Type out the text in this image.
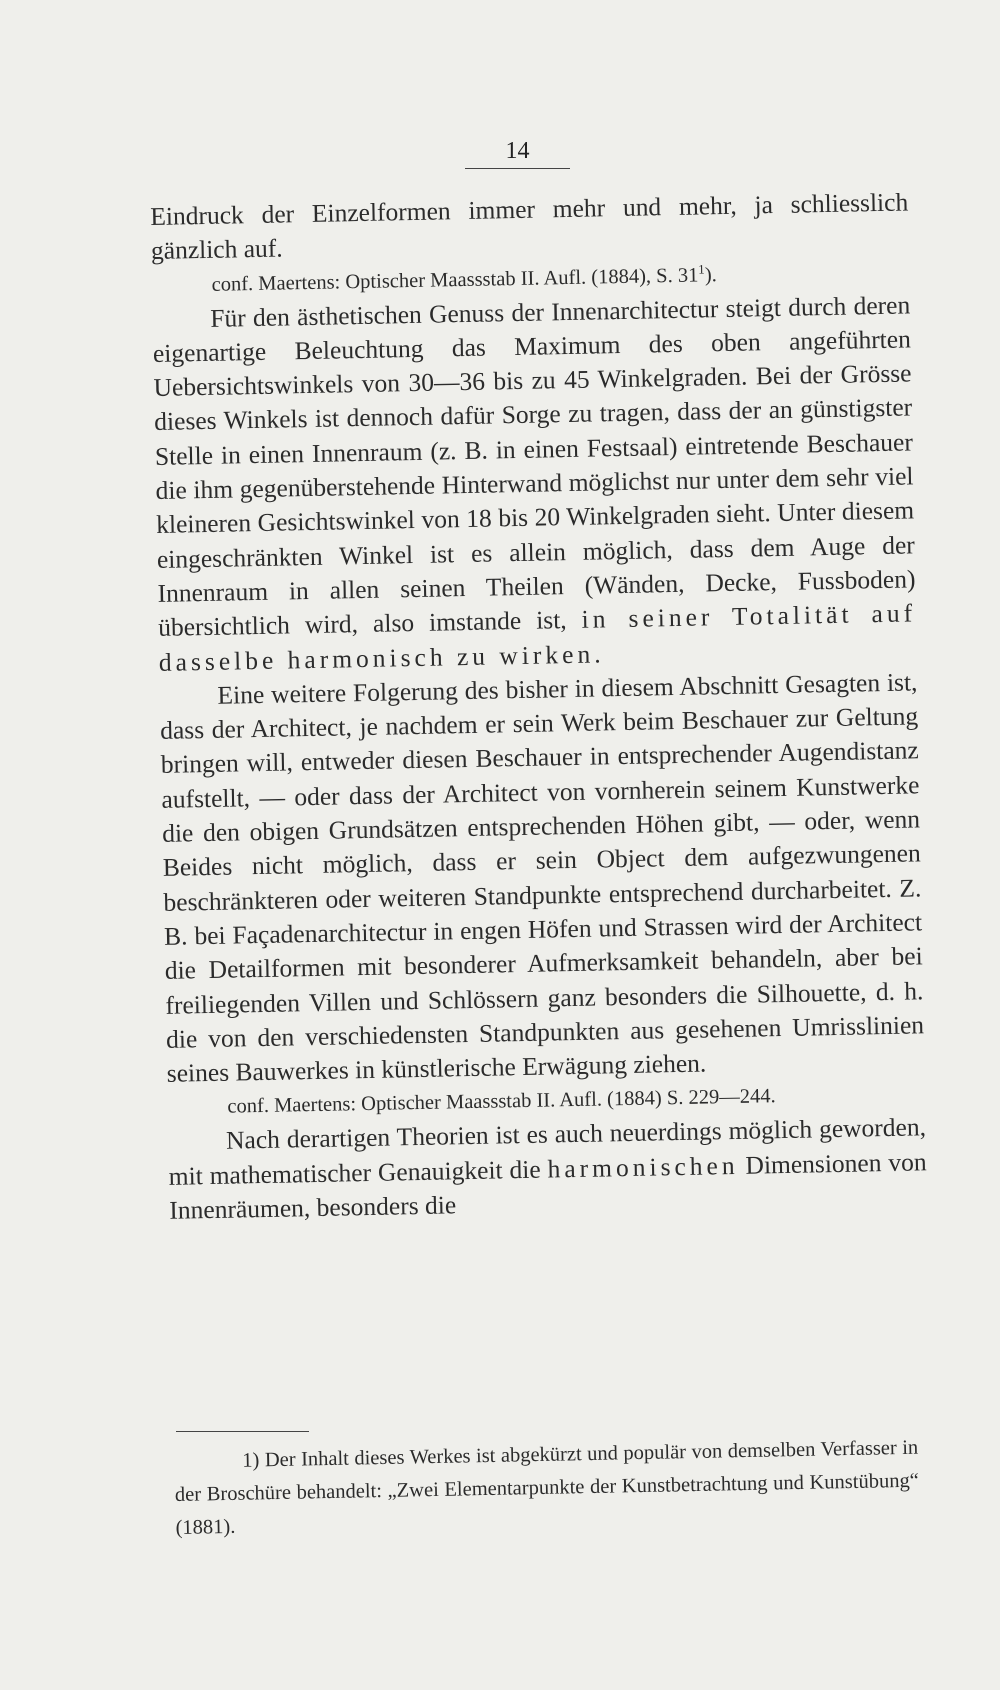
14

Eindruck der Einzelformen immer mehr und mehr, ja schliesslich gänzlich auf.

conf. Maertens: Optischer Maassstab II. Aufl. (1884), S. $31^1$).

Für den ästhetischen Genuss der Innenarchitectur steigt durch deren eigenartige Beleuchtung das Maximum des oben angeführten Uebersichtswinkels von 30—36 bis zu 45 Winkelgraden. Bei der Grösse dieses Winkels ist dennoch dafür Sorge zu tragen, dass der an günstigster Stelle in einen Innenraum (z. B. in einen Festsaal) eintretende Beschauer die ihm gegenüberstehende Hinterwand möglichst nur unter dem sehr viel kleineren Gesichtswinkel von 18 bis 20 Winkelgraden sieht. Unter diesem eingeschränkten Winkel ist es allein möglich, dass dem Auge der Innenraum in allen seinen Theilen (Wänden, Decke, Fussboden) übersichtlich wird, also imstande ist, in seiner Totalität auf dasselbe harmonisch zu wirken.

Eine weitere Folgerung des bisher in diesem Abschnitt Gesagten ist, dass der Architect, je nachdem er sein Werk beim Beschauer zur Geltung bringen will, entweder diesen Beschauer in entsprechender Augendistanz aufstellt, — oder dass der Architect von vornherein seinem Kunstwerke die den obigen Grundsätzen entsprechenden Höhen gibt, — oder, wenn Beides nicht möglich, dass er sein Object dem aufgezwungenen beschränkteren oder weiteren Standpunkte entsprechend durcharbeitet. Z. B. bei Façadenarchitectur in engen Höfen und Strassen wird der Architect die Detailformen mit besonderer Aufmerksamkeit behandeln, aber bei freiliegenden Villen und Schlössern ganz besonders die Silhouette, d. h. die von den verschiedensten Standpunkten aus gesehenen Umrisslinien seines Bauwerkes in künstlerische Erwägung ziehen.

conf. Maertens: Optischer Maassstab II. Aufl. (1884) S. 229—244.

Nach derartigen Theorien ist es auch neuerdings möglich geworden, mit mathematischer Genauigkeit die harmonischen Dimensionen von Innenräumen, besonders die

1) Der Inhalt dieses Werkes ist abgekürzt und populär von demselben Verfasser in der Broschüre behandelt: „Zwei Elementarpunkte der Kunstbetrachtung und Kunstübung“ (1881).
